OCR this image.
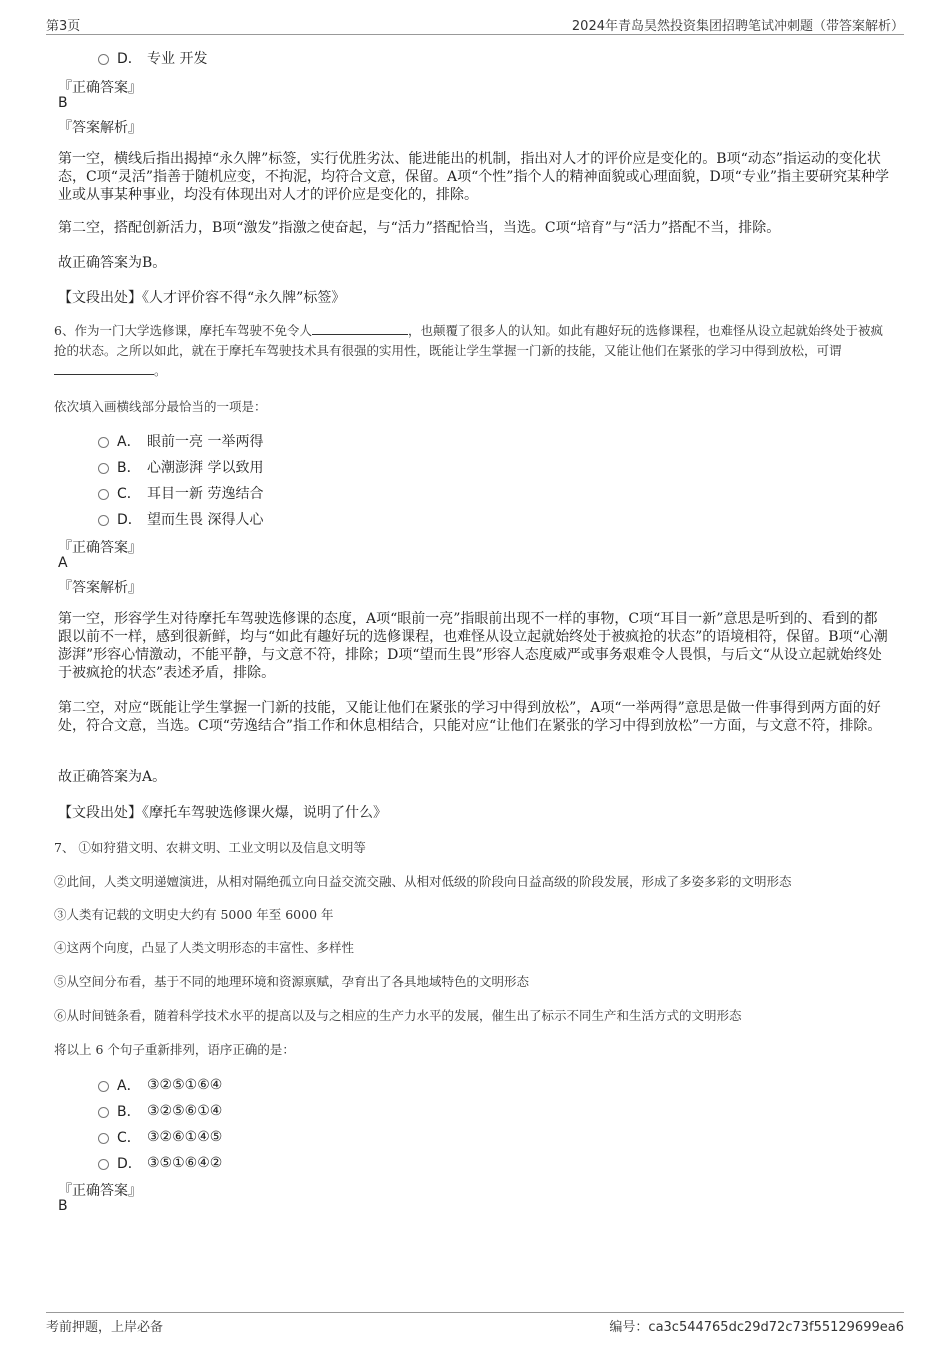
第3页	2024年青岛昊然投资集团招聘笔试冲刺题（带答案解析）
D． 专业 开发
『正确答案』
B
『答案解析』
第一空，横线后指出揭掉“永久牌”标签，实行优胜劣汰、能进能出的机制，指出对人才的评价应是变化的。B项“动态”指运动的变化状态，C项“灵活”指善于随机应变，不拘泥，均符合文意，保留。A项“个性”指个人的精神面貌或心理面貌，D项“专业”指主要研究某种学业或从事某种事业，均没有体现出对人才的评价应是变化的，排除。
第二空，搭配创新活力，B项“激发”指激之使奋起，与“活力”搭配恰当，当选。C项“培育”与“活力”搭配不当，排除。
故正确答案为B。
【文段出处】《人才评价容不得“永久牌”标签》
6、作为一门大学选修课，摩托车驾驶不免令人	，也颠覆了很多人的认知。如此有趣好玩的选修课程，也难怪从设立起就始终处于被疯抢的状态。之所以如此，就在于摩托车驾驶技术具有很强的实用性，既能让学生掌握一门新的技能，又能让他们在紧张的学习中得到放松，可谓。
依次填入画横线部分最恰当的一项是：
A． 眼前一亮 一举两得
B． 心潮澎湃 学以致用
C． 耳目一新 劳逸结合
D． 望而生畏 深得人心
『正确答案』
A
『答案解析』
第一空，形容学生对待摩托车驾驶选修课的态度，A项“眼前一亮”指眼前出现不一样的事物，C项“耳目一新”意思是听到的、看到的都跟以前不一样，感到很新鲜，均与“如此有趣好玩的选修课程，也难怪从设立起就始终处于被疯抢的状态”的语境相符，保留。B项“心潮澎湃”形容心情激动，不能平静，与文意不符，排除；D项“望而生畏”形容人态度威严或事务艰难令人畏惧，与后文“从设立起就始终处于被疯抢的状态”表述矛盾，排除。
第二空，对应“既能让学生掌握一门新的技能，又能让他们在紧张的学习中得到放松”，A项“一举两得”意思是做一件事得到两方面的好处，符合文意，当选。C项“劳逸结合”指工作和休息相结合，只能对应“让他们在紧张的学习中得到放松”一方面，与文意不符，排除。
故正确答案为A。
【文段出处】《摩托车驾驶选修课火爆，说明了什么》
7、 ①如狩猎文明、农耕文明、工业文明以及信息文明等
②此间，人类文明递嬗演进，从相对隔绝孤立向日益交流交融、从相对低级的阶段向日益高级的阶段发展，形成了多姿多彩的文明形态
③人类有记载的文明史大约有 5000 年至 6000 年
④这两个向度，凸显了人类文明形态的丰富性、多样性
⑤从空间分布看，基于不同的地理环境和资源禀赋，孕育出了各具地域特色的文明形态
⑥从时间链条看，随着科学技术水平的提高以及与之相应的生产力水平的发展，催生出了标示不同生产和生活方式的文明形态
将以上 6 个句子重新排列，语序正确的是：
A． ③②⑤①⑥④
B． ③②⑤⑥①④
C． ③②⑥①④⑤
D． ③⑤①⑥④②
『正确答案』
B
考前押题，上岸必备	编号：ca3c544765dc29d72c73f55129699ea6
